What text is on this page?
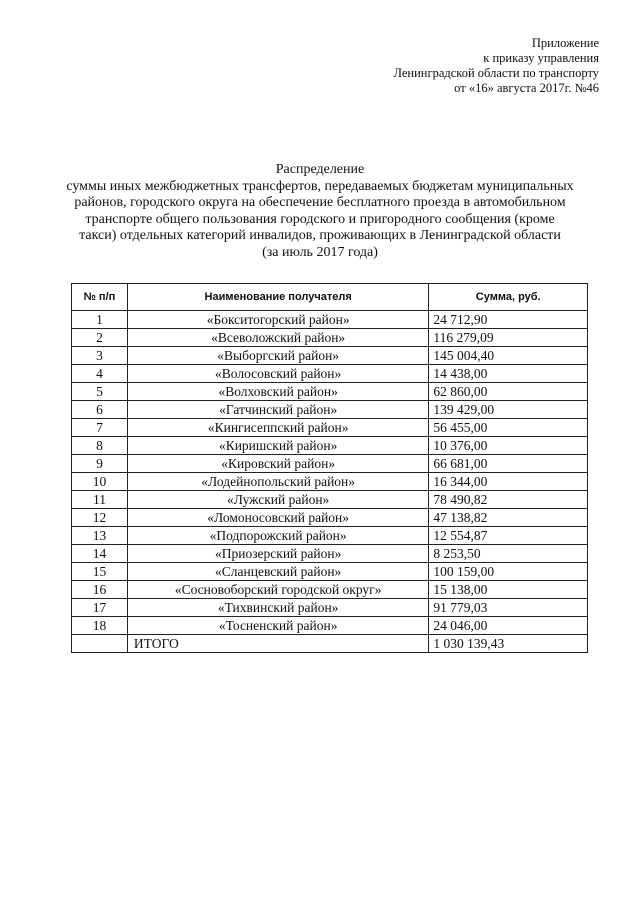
Приложение
к приказу управления
Ленинградской области по транспорту
от «16» августа 2017г. №46
Распределение
суммы иных межбюджетных трансфертов, передаваемых бюджетам муниципальных
районов, городского округа на обеспечение бесплатного проезда в автомобильном
транспорте общего пользования городского и пригородного сообщения (кроме
такси) отдельных категорий инвалидов, проживающих в Ленинградской области
(за июль 2017 года)
№ п/п	Наименование получателя	Сумма, руб.
1	«Бокситогорский район»	24 712,90
2	«Всеволожский район»	116 279,09
3	«Выборгский район»	145 004,40
4	«Волосовский район»	14 438,00
5	«Волховский район»	62 860,00
6	«Гатчинский район»	139 429,00
7	«Кингисеппский район»	56 455,00
8	«Киришский район»	10 376,00
9	«Кировский район»	66 681,00
10	«Лодейнопольский район»	16 344,00
11	«Лужский район»	78 490,82
12	«Ломоносовский район»	47 138,82
13	«Подпорожский район»	12 554,87
14	«Приозерский район»	8 253,50
15	«Сланцевский район»	100 159,00
16	«Сосновоборский городской округ»	15 138,00
17	«Тихвинский район»	91 779,03
18	«Тосненский район»	24 046,00
	ИТОГО	1 030 139,43
